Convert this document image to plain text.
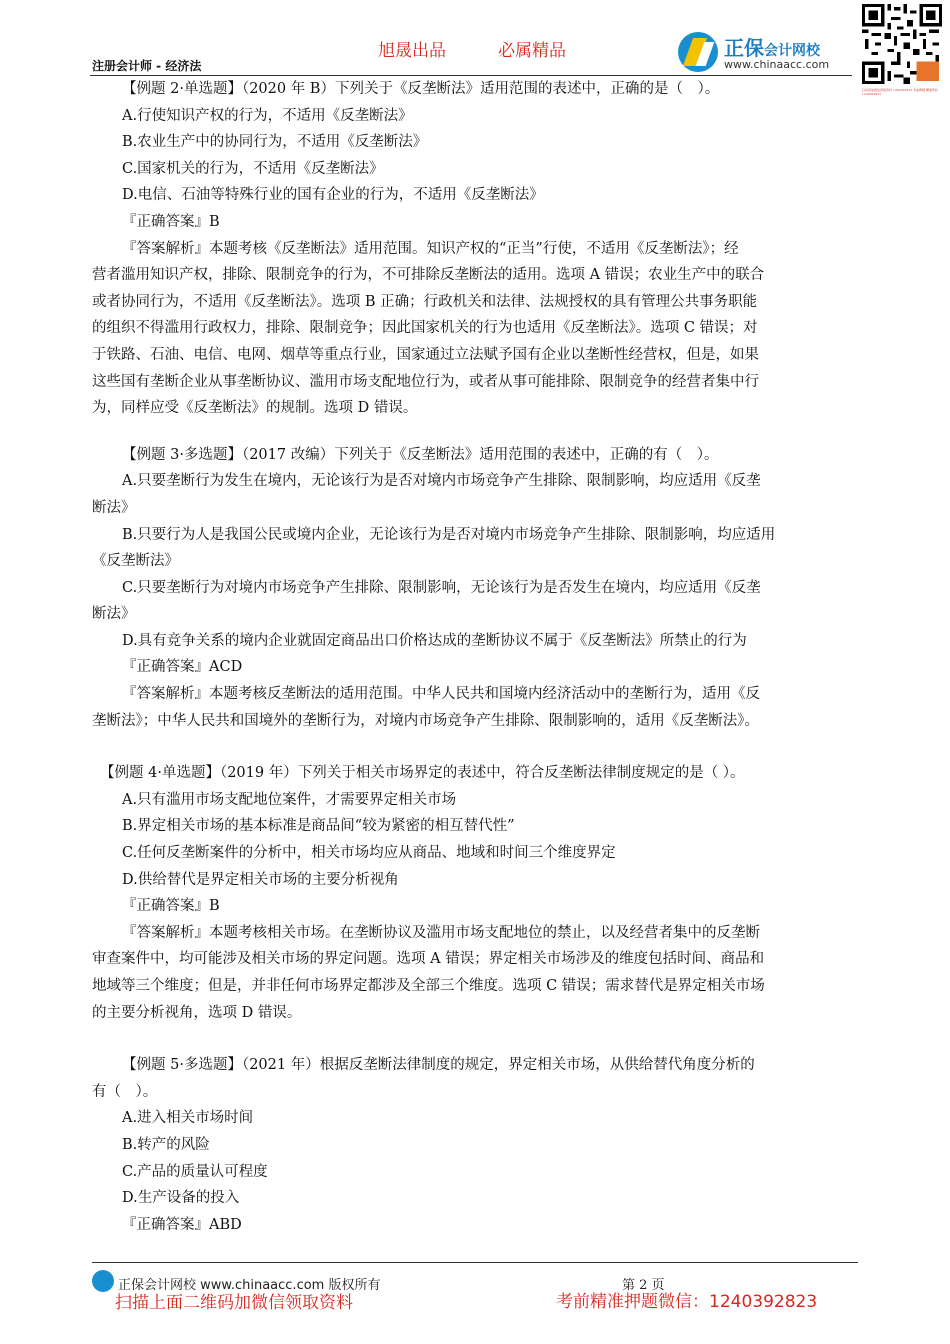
旭晟出品	必属精品
注册会计师 - 经济法
正保会计网校
www.chinaacc.com
扫码添加微信领取资料 1240392823 考前押题 精准资料 1240392823
【例题 2·单选题】（2020 年 B）下列关于《反垄断法》适用范围的表述中，正确的是（　）。
A.行使知识产权的行为，不适用《反垄断法》
B.农业生产中的协同行为，不适用《反垄断法》
C.国家机关的行为，不适用《反垄断法》
D.电信、石油等特殊行业的国有企业的行为，不适用《反垄断法》
『正确答案』B
『答案解析』本题考核《反垄断法》适用范围。知识产权的“正当”行使，不适用《反垄断法》；经
营者滥用知识产权，排除、限制竞争的行为，不可排除反垄断法的适用。选项 A 错误；农业生产中的联合
或者协同行为，不适用《反垄断法》。选项 B 正确；行政机关和法律、法规授权的具有管理公共事务职能
的组织不得滥用行政权力，排除、限制竞争；因此国家机关的行为也适用《反垄断法》。选项 C 错误；对
于铁路、石油、电信、电网、烟草等重点行业，国家通过立法赋予国有企业以垄断性经营权，但是，如果
这些国有垄断企业从事垄断协议、滥用市场支配地位行为，或者从事可能排除、限制竞争的经营者集中行
为，同样应受《反垄断法》的规制。选项 D 错误。
【例题 3·多选题】（2017 改编）下列关于《反垄断法》适用范围的表述中，正确的有（　）。
A.只要垄断行为发生在境内，无论该行为是否对境内市场竞争产生排除、限制影响，均应适用《反垄
断法》
B.只要行为人是我国公民或境内企业，无论该行为是否对境内市场竞争产生排除、限制影响，均应适用
《反垄断法》
C.只要垄断行为对境内市场竞争产生排除、限制影响，无论该行为是否发生在境内，均应适用《反垄
断法》
D.具有竞争关系的境内企业就固定商品出口价格达成的垄断协议不属于《反垄断法》所禁止的行为
『正确答案』ACD
『答案解析』本题考核反垄断法的适用范围。中华人民共和国境内经济活动中的垄断行为，适用《反
垄断法》；中华人民共和国境外的垄断行为，对境内市场竞争产生排除、限制影响的，适用《反垄断法》。
【例题 4·单选题】（2019 年）下列关于相关市场界定的表述中，符合反垄断法律制度规定的是（ ）。
A.只有滥用市场支配地位案件，才需要界定相关市场
B.界定相关市场的基本标准是商品间“较为紧密的相互替代性”
C.任何反垄断案件的分析中，相关市场均应从商品、地域和时间三个维度界定
D.供给替代是界定相关市场的主要分析视角
『正确答案』B
『答案解析』本题考核相关市场。在垄断协议及滥用市场支配地位的禁止，以及经营者集中的反垄断
审查案件中，均可能涉及相关市场的界定问题。选项 A 错误；界定相关市场涉及的维度包括时间、商品和
地域等三个维度；但是，并非任何市场界定都涉及全部三个维度。选项 C 错误；需求替代是界定相关市场
的主要分析视角，选项 D 错误。
【例题 5·多选题】（2021 年）根据反垄断法律制度的规定，界定相关市场，从供给替代角度分析的
有（　）。
A.进入相关市场时间
B.转产的风险
C.产品的质量认可程度
D.生产设备的投入
『正确答案』ABD
正保会计网校 www.chinaacc.com 版权所有	第 2 页
扫描上面二维码加微信领取资料	考前精准押题微信：1240392823
